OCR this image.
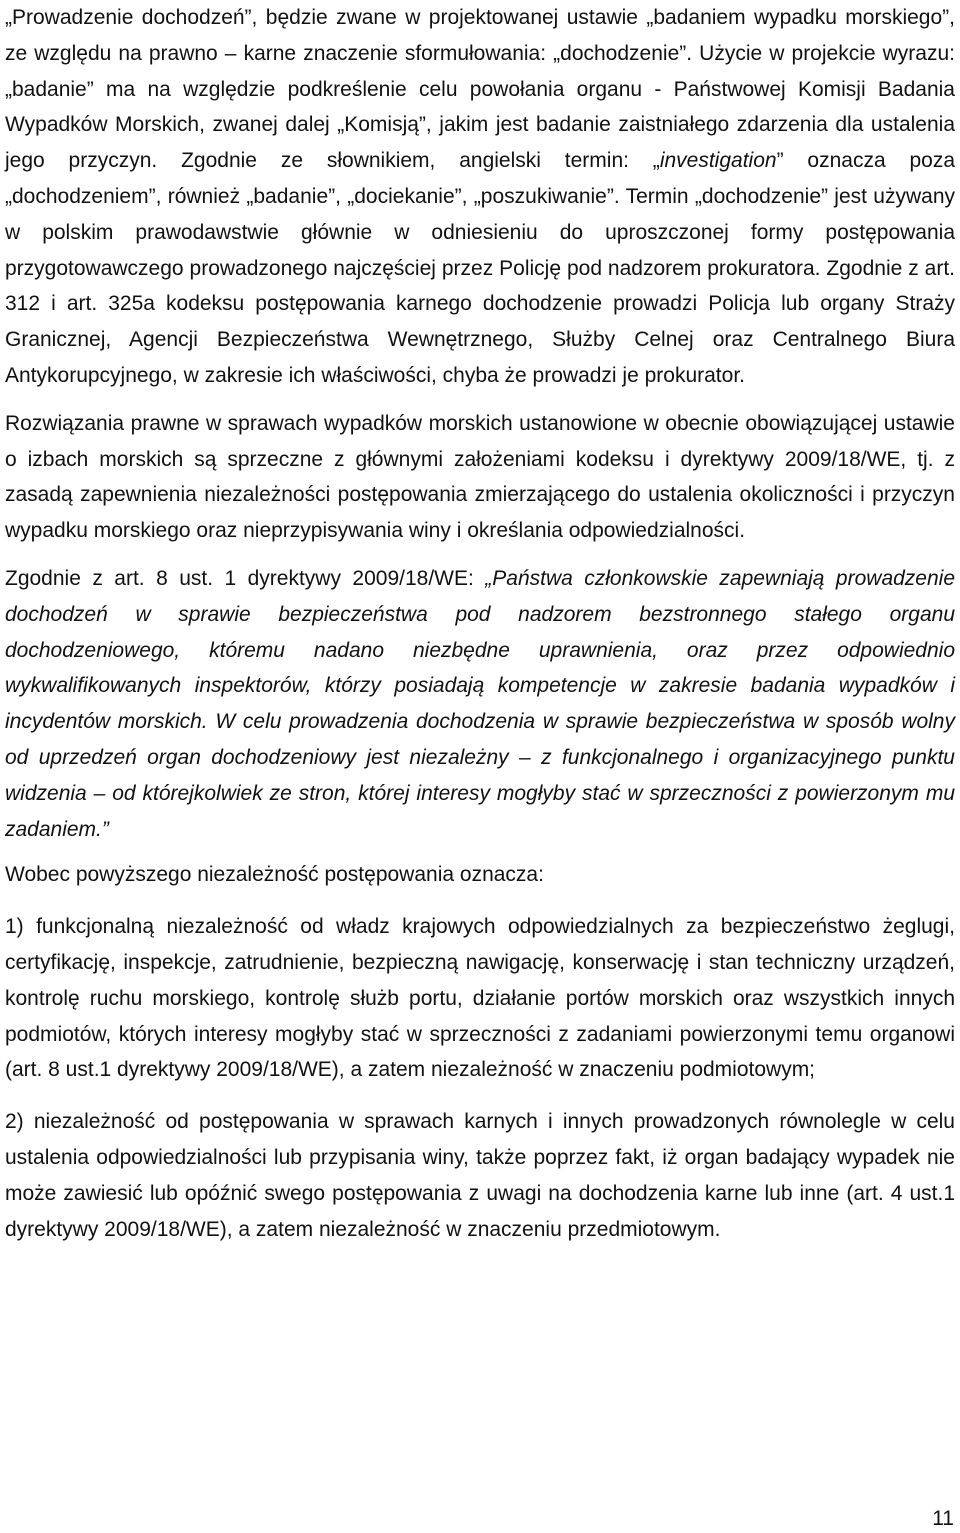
„Prowadzenie dochodzeń”, będzie zwane w projektowanej ustawie „badaniem wypadku morskiego”, ze względu na prawno – karne znaczenie sformułowania: „dochodzenie”. Użycie w projekcie wyrazu: „badanie” ma na względzie podkreślenie celu powołania organu - Państwowej Komisji Badania Wypadków Morskich, zwanej dalej „Komisją”, jakim jest badanie zaistniałego zdarzenia dla ustalenia jego przyczyn. Zgodnie ze słownikiem, angielski termin: „investigation” oznacza poza „dochodzeniem”, również „badanie”, „dociekanie”, „poszukiwanie”. Termin „dochodzenie” jest używany w polskim prawodawstwie głównie w odniesieniu do uproszczonej formy postępowania przygotowawczego prowadzonego najczęściej przez Policję pod nadzorem prokuratora. Zgodnie z art. 312 i art. 325a kodeksu postępowania karnego dochodzenie prowadzi Policja lub organy Straży Granicznej, Agencji Bezpieczeństwa Wewnętrznego, Służby Celnej oraz Centralnego Biura Antykorupcyjnego, w zakresie ich właściwości, chyba że prowadzi je prokurator.

Rozwiązania prawne w sprawach wypadków morskich ustanowione w obecnie obowiązującej ustawie o izbach morskich są sprzeczne z głównymi założeniami kodeksu i dyrektywy 2009/18/WE, tj. z zasadą zapewnienia niezależności postępowania zmierzającego do ustalenia okoliczności i przyczyn wypadku morskiego oraz nieprzypisywania winy i określania odpowiedzialności.

Zgodnie z art. 8 ust. 1 dyrektywy 2009/18/WE: „Państwa członkowskie zapewniają prowadzenie dochodzeń w sprawie bezpieczeństwa pod nadzorem bezstronnego stałego organu dochodzeniowego, któremu nadano niezbędne uprawnienia, oraz przez odpowiednio wykwalifikowanych inspektorów, którzy posiadają kompetencje w zakresie badania wypadków i incydentów morskich. W celu prowadzenia dochodzenia w sprawie bezpieczeństwa w sposób wolny od uprzedzeń organ dochodzeniowy jest niezależny – z funkcjonalnego i organizacyjnego punktu widzenia – od którejkolwiek ze stron, której interesy mogłyby stać w sprzeczności z powierzonym mu zadaniem.”

Wobec powyższego niezależność postępowania oznacza:

1) funkcjonalną niezależność od władz krajowych odpowiedzialnych za bezpieczeństwo żeglugi, certyfikację, inspekcje, zatrudnienie, bezpieczną nawigację, konserwację i stan techniczny urządzeń, kontrolę ruchu morskiego, kontrolę służb portu, działanie portów morskich oraz wszystkich innych podmiotów, których interesy mogłyby stać w sprzeczności z zadaniami powierzonymi temu organowi (art. 8 ust.1 dyrektywy 2009/18/WE), a zatem niezależność w znaczeniu podmiotowym;

2) niezależność od postępowania w sprawach karnych i innych prowadzonych równolegle w celu ustalenia odpowiedzialności lub przypisania winy, także poprzez fakt, iż organ badający wypadek nie może zawiesić lub opóźnić swego postępowania z uwagi na dochodzenia karne lub inne (art. 4 ust.1 dyrektywy 2009/18/WE), a zatem niezależność w znaczeniu przedmiotowym.

11
